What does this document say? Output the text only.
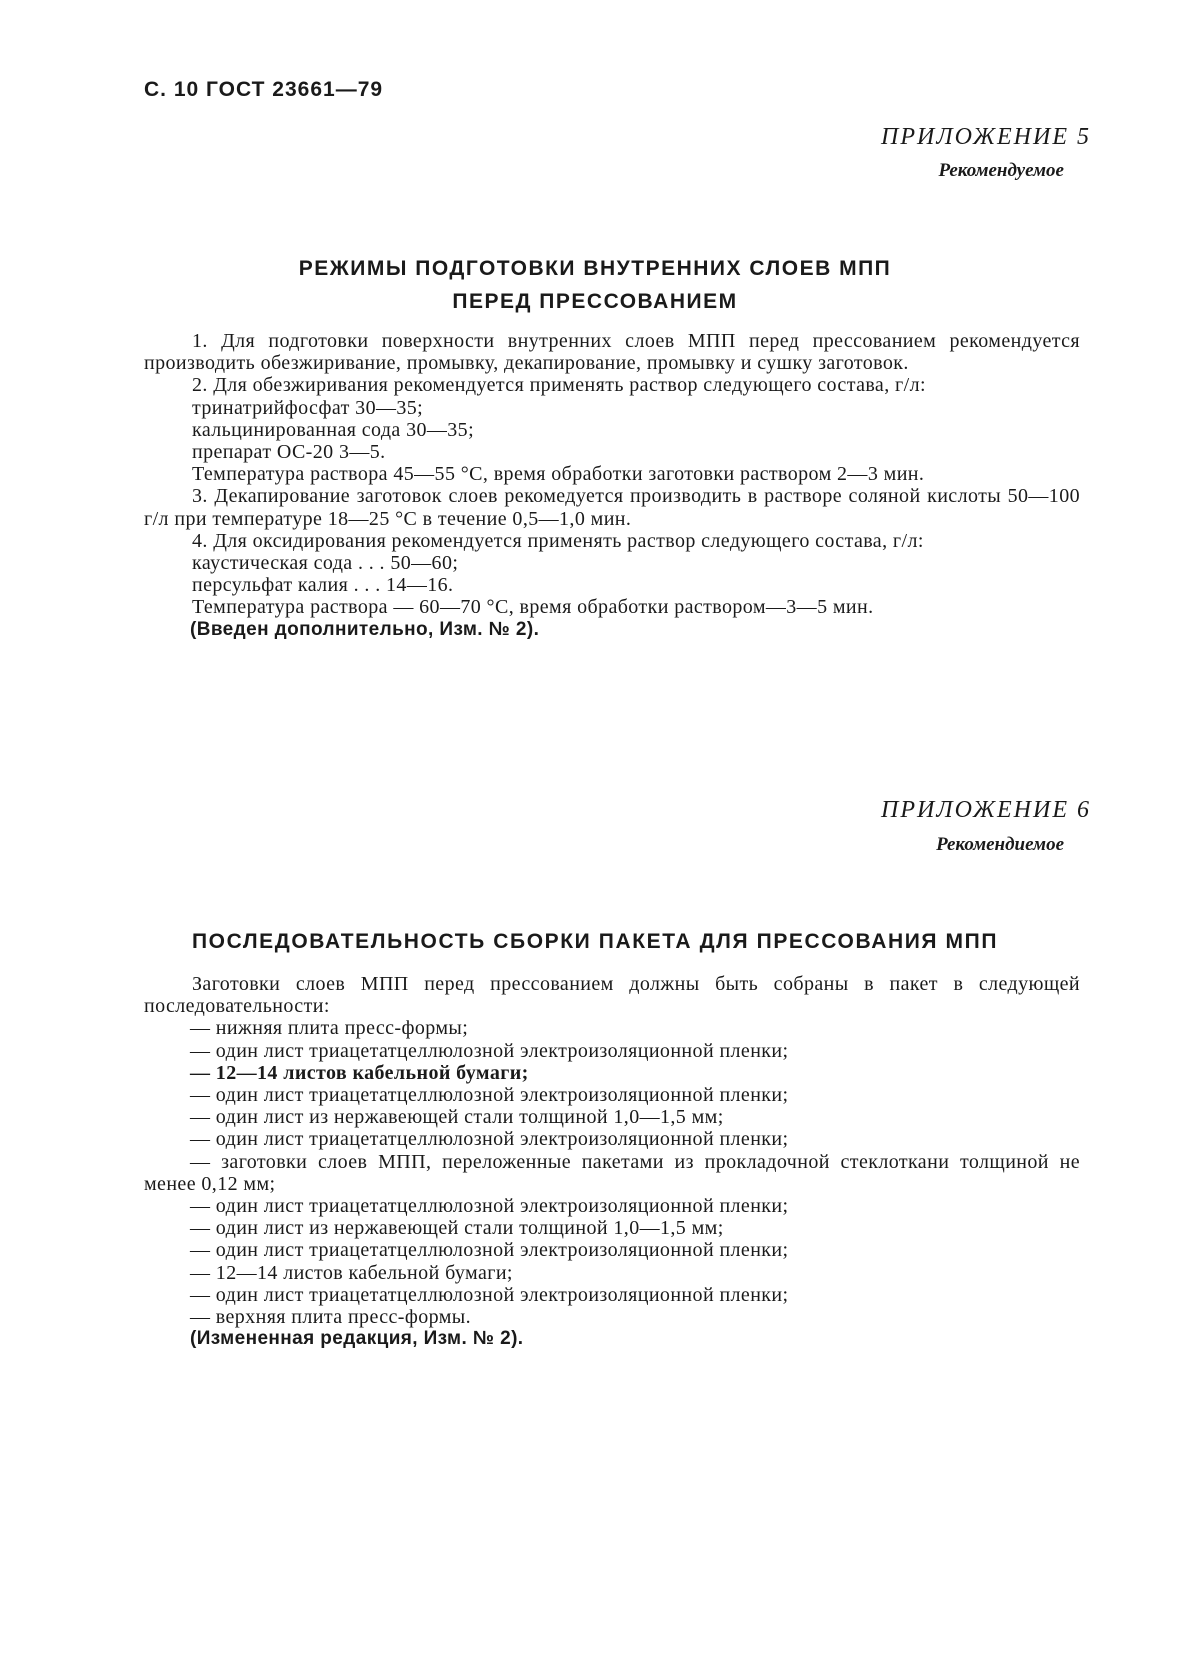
С. 10 ГОСТ 23661—79
ПРИЛОЖЕНИЕ 5
Рекомендуемое
РЕЖИМЫ ПОДГОТОВКИ ВНУТРЕННИХ СЛОЕВ МПП
ПЕРЕД ПРЕССОВАНИЕМ

1. Для подготовки поверхности внутренних слоев МПП перед прессованием рекомендуется производить обезжиривание, промывку, декапирование, промывку и сушку заготовок.

2. Для обезжиривания рекомендуется применять раствор следующего состава, г/л:

тринатрийфосфат 30—35;
кальцинированная сода 30—35;
препарат ОС-20 3—5.

Температура раствора 45—55 °С, время обработки заготовки раствором 2—3 мин.

3. Декапирование заготовок слоев рекомедуется производить в растворе соляной кислоты 50—100 г/л при температуре 18—25 °С в течение 0,5—1,0 мин.

4. Для оксидирования рекомендуется применять раствор следующего состава, г/л:

каустическая сода . . . 50—60;
персульфат калия . . . 14—16.

Температура раствора — 60—70 °С, время обработки раствором—3—5 мин.

(Введен дополнительно, Изм. № 2).
ПРИЛОЖЕНИЕ 6
Рекомендиемое
ПОСЛЕДОВАТЕЛЬНОСТЬ СБОРКИ ПАКЕТА ДЛЯ ПРЕССОВАНИЯ МПП

Заготовки слоев МПП перед прессованием должны быть собраны в пакет в следующей последовательности:

— нижняя плита пресс-формы;
— один лист триацетатцеллюлозной электроизоляционной пленки;
— 12—14 листов кабельной бумаги;
— один лист триацетатцеллюлозной электроизоляционной пленки;
— один лист из нержавеющей стали толщиной 1,0—1,5 мм;
— один лист триацетатцеллюлозной электроизоляционной пленки;

— заготовки слоев МПП, переложенные пакетами из прокладочной стеклоткани толщиной не менее 0,12 мм;

— один лист триацетатцеллюлозной электроизоляционной пленки;
— один лист из нержавеющей стали толщиной 1,0—1,5 мм;
— один лист триацетатцеллюлозной электроизоляционной пленки;
— 12—14 листов кабельной бумаги;
— один лист триацетатцеллюлозной электроизоляционной пленки;
— верхняя плита пресс-формы.
(Измененная редакция, Изм. № 2).
